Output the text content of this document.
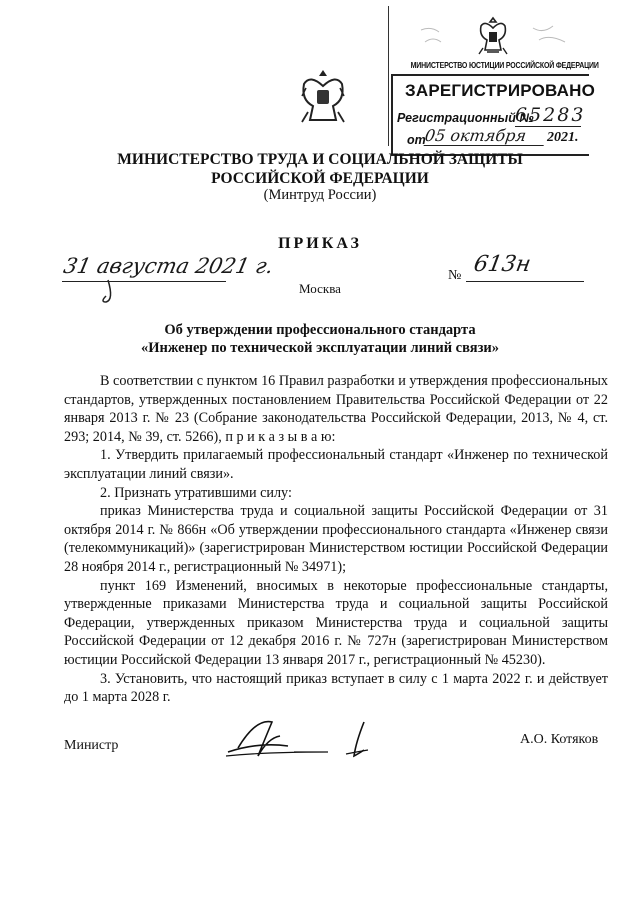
МИНИСТЕРСТВО ЮСТИЦИИ РОССИЙСКОЙ ФЕДЕРАЦИИ
ЗАРЕГИСТРИРОВАНО
Регистрационный №
65283
от
05 октября	2021.
МИНИСТЕРСТВО ТРУДА И СОЦИАЛЬНОЙ ЗАЩИТЫ
РОССИЙСКОЙ ФЕДЕРАЦИИ
(Минтруд России)
ПРИКАЗ
31 августа 2021 г.	№ 613н
Москва
Об утверждении профессионального стандарта
«Инженер по технической эксплуатации линий связи»

В соответствии с пунктом 16 Правил разработки и утверждения профессиональных стандартов, утвержденных постановлением Правительства Российской Федерации от 22 января 2013 г. № 23 (Собрание законодательства Российской Федерации, 2013, № 4, ст. 293; 2014, № 39, ст. 5266), п р и к а з ы в а ю:

1. Утвердить прилагаемый профессиональный стандарт «Инженер по технической эксплуатации линий связи».

2. Признать утратившими силу:

приказ Министерства труда и социальной защиты Российской Федерации от 31 октября 2014 г. № 866н «Об утверждении профессионального стандарта «Инженер связи (телекоммуникаций)» (зарегистрирован Министерством юстиции Российской Федерации 28 ноября 2014 г., регистрационный № 34971);

пункт 169 Изменений, вносимых в некоторые профессиональные стандарты, утвержденные приказами Министерства труда и социальной защиты Российской Федерации, утвержденных приказом Министерства труда и социальной защиты Российской Федерации от 12 декабря 2016 г. № 727н (зарегистрирован Министерством юстиции Российской Федерации 13 января 2017 г., регистрационный № 45230).

3. Установить, что настоящий приказ вступает в силу с 1 марта 2022 г. и действует до 1 марта 2028 г.

Министр	А.О. Котяков
